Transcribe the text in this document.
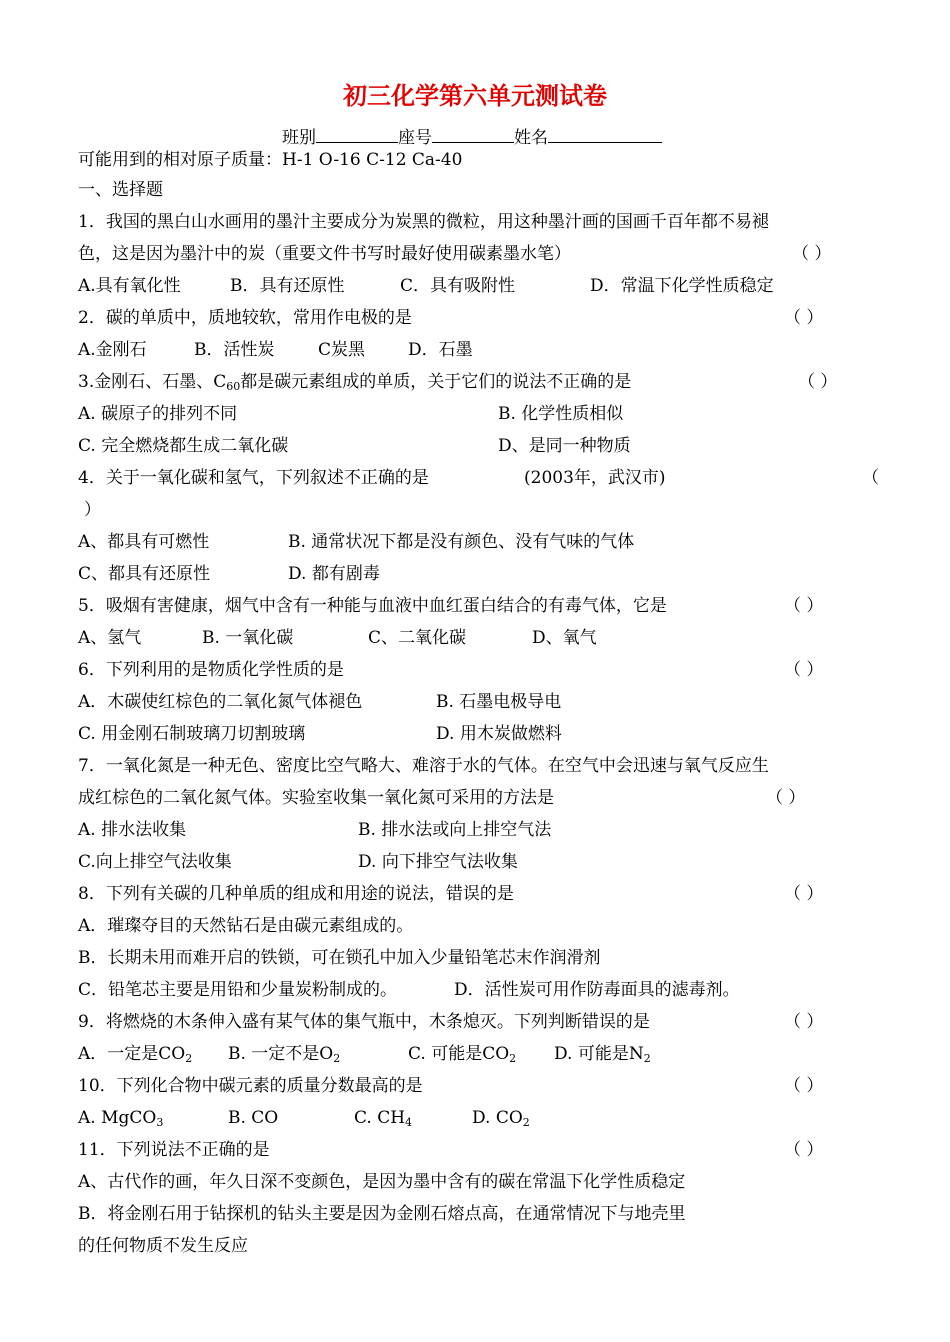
初三化学第六单元测试卷
班别	座号	姓名
可能用到的相对原子质量：H-1 O-16 C-12 Ca-40
一、选择题
1．我国的黑白山水画用的墨汁主要成分为炭黑的微粒，用这种墨汁画的国画千百年都不易褪
色，这是因为墨汁中的炭（重要文件书写时最好使用碳素墨水笔）	（ ）
A.具有氧化性	B．具有还原性	C．具有吸附性	D．常温下化学性质稳定
2．碳的单质中，质地较软，常用作电极的是	（ ）
A.金刚石	B．活性炭	C炭黑	D．石墨
3.金刚石、石墨、$C_{60}$都是碳元素组成的单质，关于它们的说法不正确的是	（ ）
A. 碳原子的排列不同	B. 化学性质相似
C. 完全燃烧都生成二氧化碳	D、是同一种物质
4．关于一氧化碳和氢气，下列叙述不正确的是	(2003年，武汉市)	（
）
A、都具有可燃性	B. 通常状况下都是没有颜色、没有气味的气体
C、都具有还原性	D. 都有剧毒
5．吸烟有害健康，烟气中含有一种能与血液中血红蛋白结合的有毒气体，它是	（ ）
A、氢气	B. 一氧化碳	C、二氧化碳	D、氧气
6．下列利用的是物质化学性质的是	（ ）
A．木碳使红棕色的二氧化氮气体褪色	B. 石墨电极导电
C. 用金刚石制玻璃刀切割玻璃	D. 用木炭做燃料
7．一氧化氮是一种无色、密度比空气略大、难溶于水的气体。在空气中会迅速与氧气反应生
成红棕色的二氧化氮气体。实验室收集一氧化氮可采用的方法是	（ ）
A. 排水法收集	B. 排水法或向上排空气法
C.向上排空气法收集	D. 向下排空气法收集
8．下列有关碳的几种单质的组成和用途的说法，错误的是	（ ）
A．璀璨夺目的天然钻石是由碳元素组成的。
B．长期未用而难开启的铁锁，可在锁孔中加入少量铅笔芯末作润滑剂
C．铅笔芯主要是用铅和少量炭粉制成的。	D．活性炭可用作防毒面具的滤毒剂。
9．将燃烧的木条伸入盛有某气体的集气瓶中，木条熄灭。下列判断错误的是	（ ）
A．一定是$CO_2$ B. 一定不是$O_2$	C. 可能是$CO_2$ D. 可能是$N_2$
10．下列化合物中碳元素的质量分数最高的是	（ ）
A. MgCO$_3$	B. CO	C. $CH_4$	D. $CO_2$
11．下列说法不正确的是	（ ）
A、古代作的画，年久日深不变颜色，是因为墨中含有的碳在常温下化学性质稳定
B．将金刚石用于钻探机的钻头主要是因为金刚石熔点高，在通常情况下与地壳里
的任何物质不发生反应
